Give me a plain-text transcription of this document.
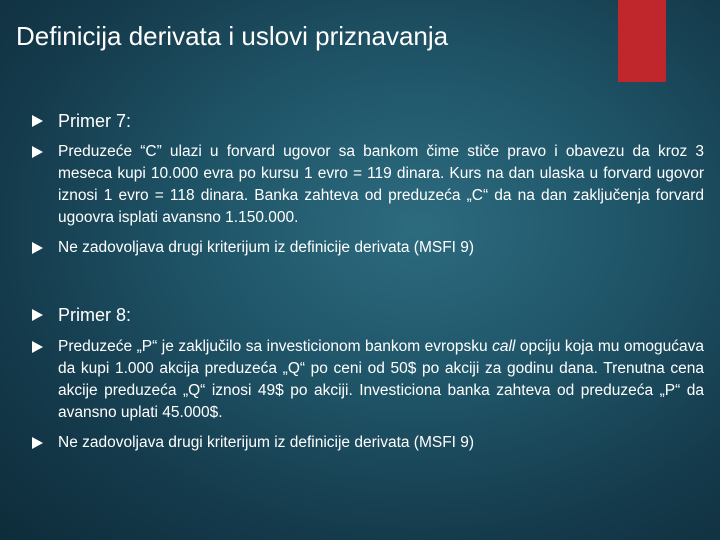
Definicija derivata i uslovi priznavanja
Primer 7:
Preduzeće “C” ulazi u forvard ugovor sa bankom čime stiče pravo i obavezu da kroz 3 meseca kupi 10.000 evra po kursu 1 evro = 119 dinara. Kurs na dan ulaska u forvard ugovor iznosi 1 evro = 118 dinara. Banka zahteva od preduzeća „C“ da na dan zaključenja forvard ugoovra isplati avansno 1.150.000.
Ne zadovoljava drugi kriterijum iz definicije derivata (MSFI 9)
Primer 8:
Preduzeće „P“ je zaključilo sa investicionom bankom evropsku call opciju koja mu omogućava da kupi 1.000 akcija preduzeća „Q“ po ceni od 50$ po akciji za godinu dana. Trenutna cena akcije preduzeća „Q“ iznosi 49$ po akciji. Investiciona banka zahteva od preduzeća „P“ da avansno uplati 45.000$.
Ne zadovoljava drugi kriterijum iz definicije derivata (MSFI 9)
